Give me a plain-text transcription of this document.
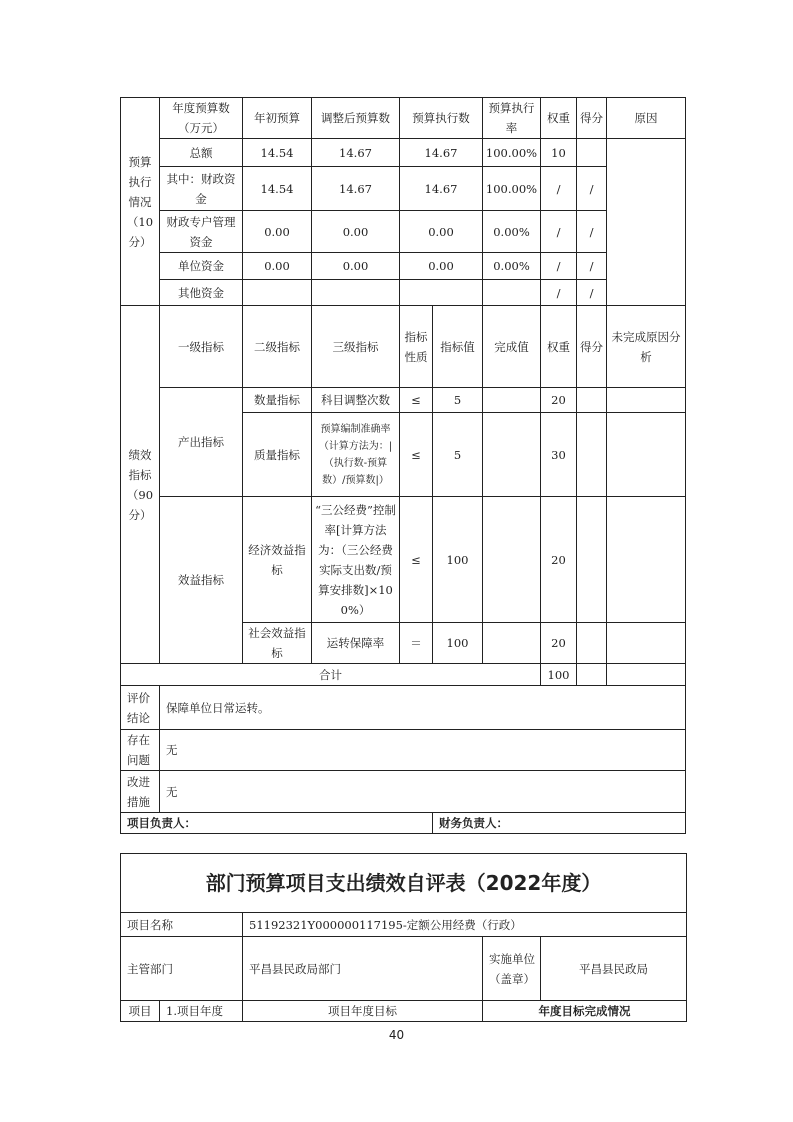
预算执行情况（10分）	年度预算数（万元）	年初预算	调整后预算数	预算执行数		预算执行率	权重	得分	原因
	总额	14.54	14.67	14.67		100.00%	10		
	其中：财政资金	14.54	14.67	14.67		100.00%	/	/	
	财政专户管理资金	0.00	0.00	0.00		0.00%	/	/	
	单位资金	0.00	0.00	0.00		0.00%	/	/	
	其他资金						/	/	
绩效指标（90分）	一级指标	二级指标	三级指标	指标性质	指标值	完成值	权重	得分	未完成原因分析
	产出指标	数量指标	科目调整次数	≤	5		20		
		质量指标	预算编制准确率（计算方法为：|（执行数-预算数）/预算数|）	≤	5		30		
	效益指标	经济效益指标	“三公经费”控制率[计算方法为：（三公经费实际支出数/预算安排数]×100%）	≤	100		20		
		社会效益指标	运转保障率	＝	100		20		
合计							100		
评价结论	保障单位日常运转。								
存在问题	无								
改进措施	无								
项目负责人：					财务负责人：				
部门预算项目支出绩效自评表（2022年度）				
项目名称		51192321Y000000117195-定额公用经费（行政）		
主管部门		平昌县民政局部门	实施单位（盖章）	平昌县民政局
项目	1.项目年度	项目年度目标	年度目标完成情况	
40
